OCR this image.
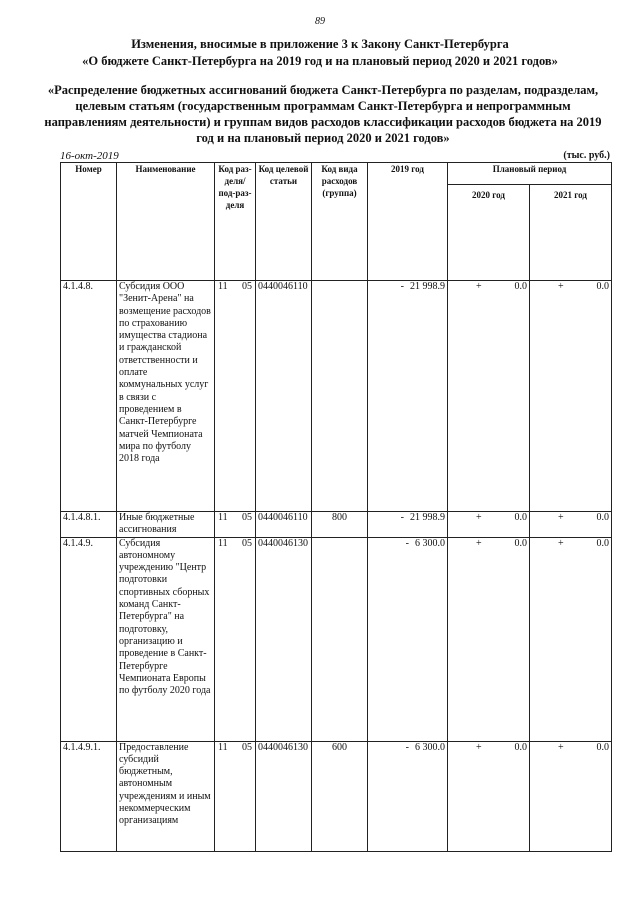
89
Изменения, вносимые в приложение 3 к Закону Санкт-Петербурга
«О бюджете Санкт-Петербурга на 2019 год и на плановый период 2020 и 2021 годов»
«Распределение бюджетных ассигнований бюджета Санкт-Петербурга по разделам, подразделам, целевым статьям (государственным программам Санкт-Петербурга и непрограммным направлениям деятельности) и группам видов расходов классификации расходов бюджета на 2019 год и на плановый период 2020 и 2021 годов»
16-окт-2019	(тыс. руб.)
Номер	Наименование	Код раз-деля/ под-раз-деля	Код целевой статьи	Код вида расходов (группа)	2019 год	Плановый период	
						2020 год	2021 год
4.1.4.8.	Субсидия ООО "Зенит-Арена" на возмещение расходов по страхованию имущества стадиона и гражданской ответственности и оплате коммунальных услуг в связи с проведением в Санкт-Петербурге матчей Чемпионата мира по футболу 2018 года	11 05	0440046110		- 21 998.9	+ 0.0	+ 0.0

4.1.4.8.1.	Иные бюджетные ассигнования	11 05	0440046110	800	- 21 998.9	+ 0.0	+ 0.0

4.1.4.9.	Субсидия автономному учреждению "Центр подготовки спортивных сборных команд Санкт-Петербурга" на подготовку, организацию и проведение в Санкт-Петербурге Чемпионата Европы по футболу 2020 года	11 05	0440046130		- 6 300.0	+ 0.0	+ 0.0

4.1.4.9.1.	Предоставление субсидий бюджетным, автономным учреждениям и иным некоммерческим организациям	11 05	0440046130	600	- 6 300.0	+ 0.0	+ 0.0
